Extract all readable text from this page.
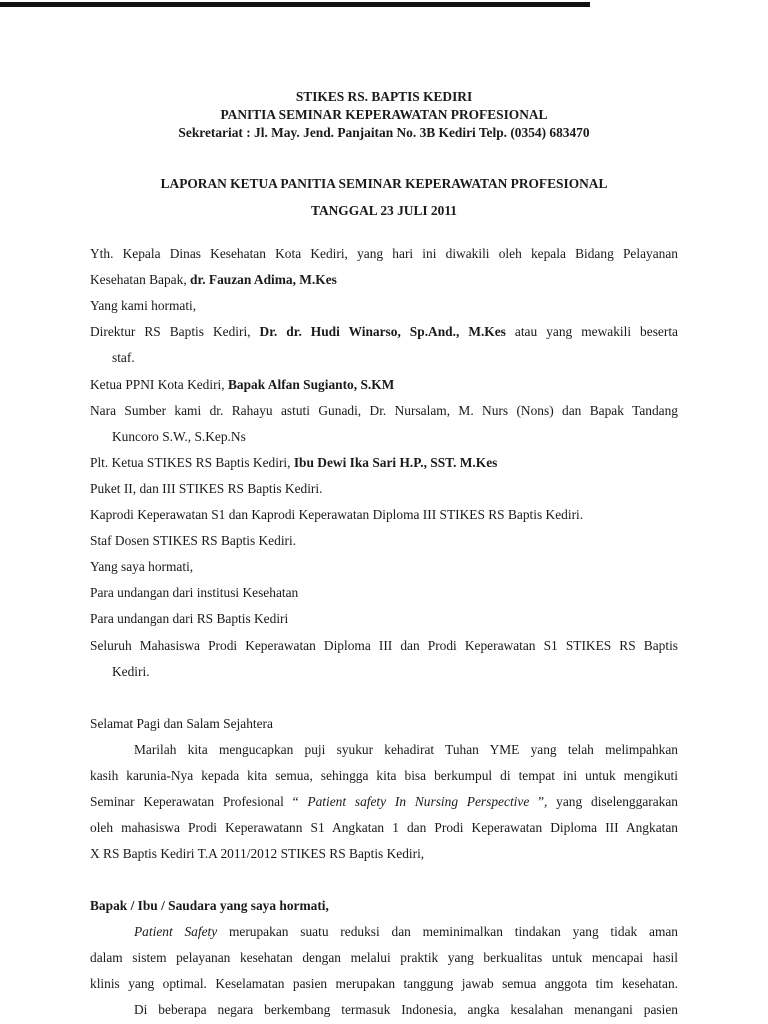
STIKES RS. BAPTIS KEDIRI
PANITIA SEMINAR KEPERAWATAN PROFESIONAL
Sekretariat : Jl. May. Jend. Panjaitan No. 3B Kediri Telp. (0354) 683470
LAPORAN KETUA PANITIA SEMINAR KEPERAWATAN PROFESIONAL
TANGGAL 23 JULI 2011
Yth. Kepala Dinas Kesehatan Kota Kediri, yang hari ini diwakili oleh kepala Bidang Pelayanan
Kesehatan Bapak, dr. Fauzan Adima, M.Kes
Yang kami hormati,
Direktur RS Baptis Kediri, Dr. dr. Hudi Winarso, Sp.And., M.Kes atau yang mewakili beserta
staf.
Ketua PPNI Kota Kediri, Bapak Alfan Sugianto, S.KM
Nara Sumber kami dr. Rahayu astuti Gunadi, Dr. Nursalam, M. Nurs (Nons) dan Bapak Tandang
Kuncoro S.W., S.Kep.Ns
Plt. Ketua STIKES RS Baptis Kediri, Ibu Dewi Ika Sari H.P., SST. M.Kes
Puket II, dan III STIKES RS Baptis Kediri.
Kaprodi Keperawatan S1 dan Kaprodi Keperawatan Diploma III STIKES RS Baptis Kediri.
Staf Dosen STIKES RS Baptis Kediri.
Yang saya hormati,
Para undangan dari institusi Kesehatan
Para undangan dari RS Baptis Kediri
Seluruh Mahasiswa Prodi Keperawatan Diploma III dan Prodi Keperawatan S1 STIKES RS Baptis
Kediri.
Selamat Pagi dan Salam Sejahtera
Marilah kita mengucapkan puji syukur kehadirat Tuhan YME yang telah melimpahkan
kasih karunia-Nya kepada kita semua, sehingga kita bisa berkumpul di tempat ini untuk mengikuti
Seminar Keperawatan Profesional “ Patient safety In Nursing Perspective ”, yang diselenggarakan
oleh mahasiswa Prodi Keperawatann S1 Angkatan 1 dan Prodi Keperawatan Diploma III Angkatan
X RS Baptis Kediri T.A 2011/2012 STIKES RS Baptis Kediri,
Bapak / Ibu / Saudara yang saya hormati,
Patient Safety merupakan suatu reduksi dan meminimalkan tindakan yang tidak aman
dalam sistem pelayanan kesehatan dengan melalui praktik yang berkualitas untuk mencapai hasil
klinis yang optimal. Keselamatan pasien merupakan tanggung jawab semua anggota tim kesehatan.
Di beberapa negara berkembang termasuk Indonesia, angka kesalahan menangani pasien
